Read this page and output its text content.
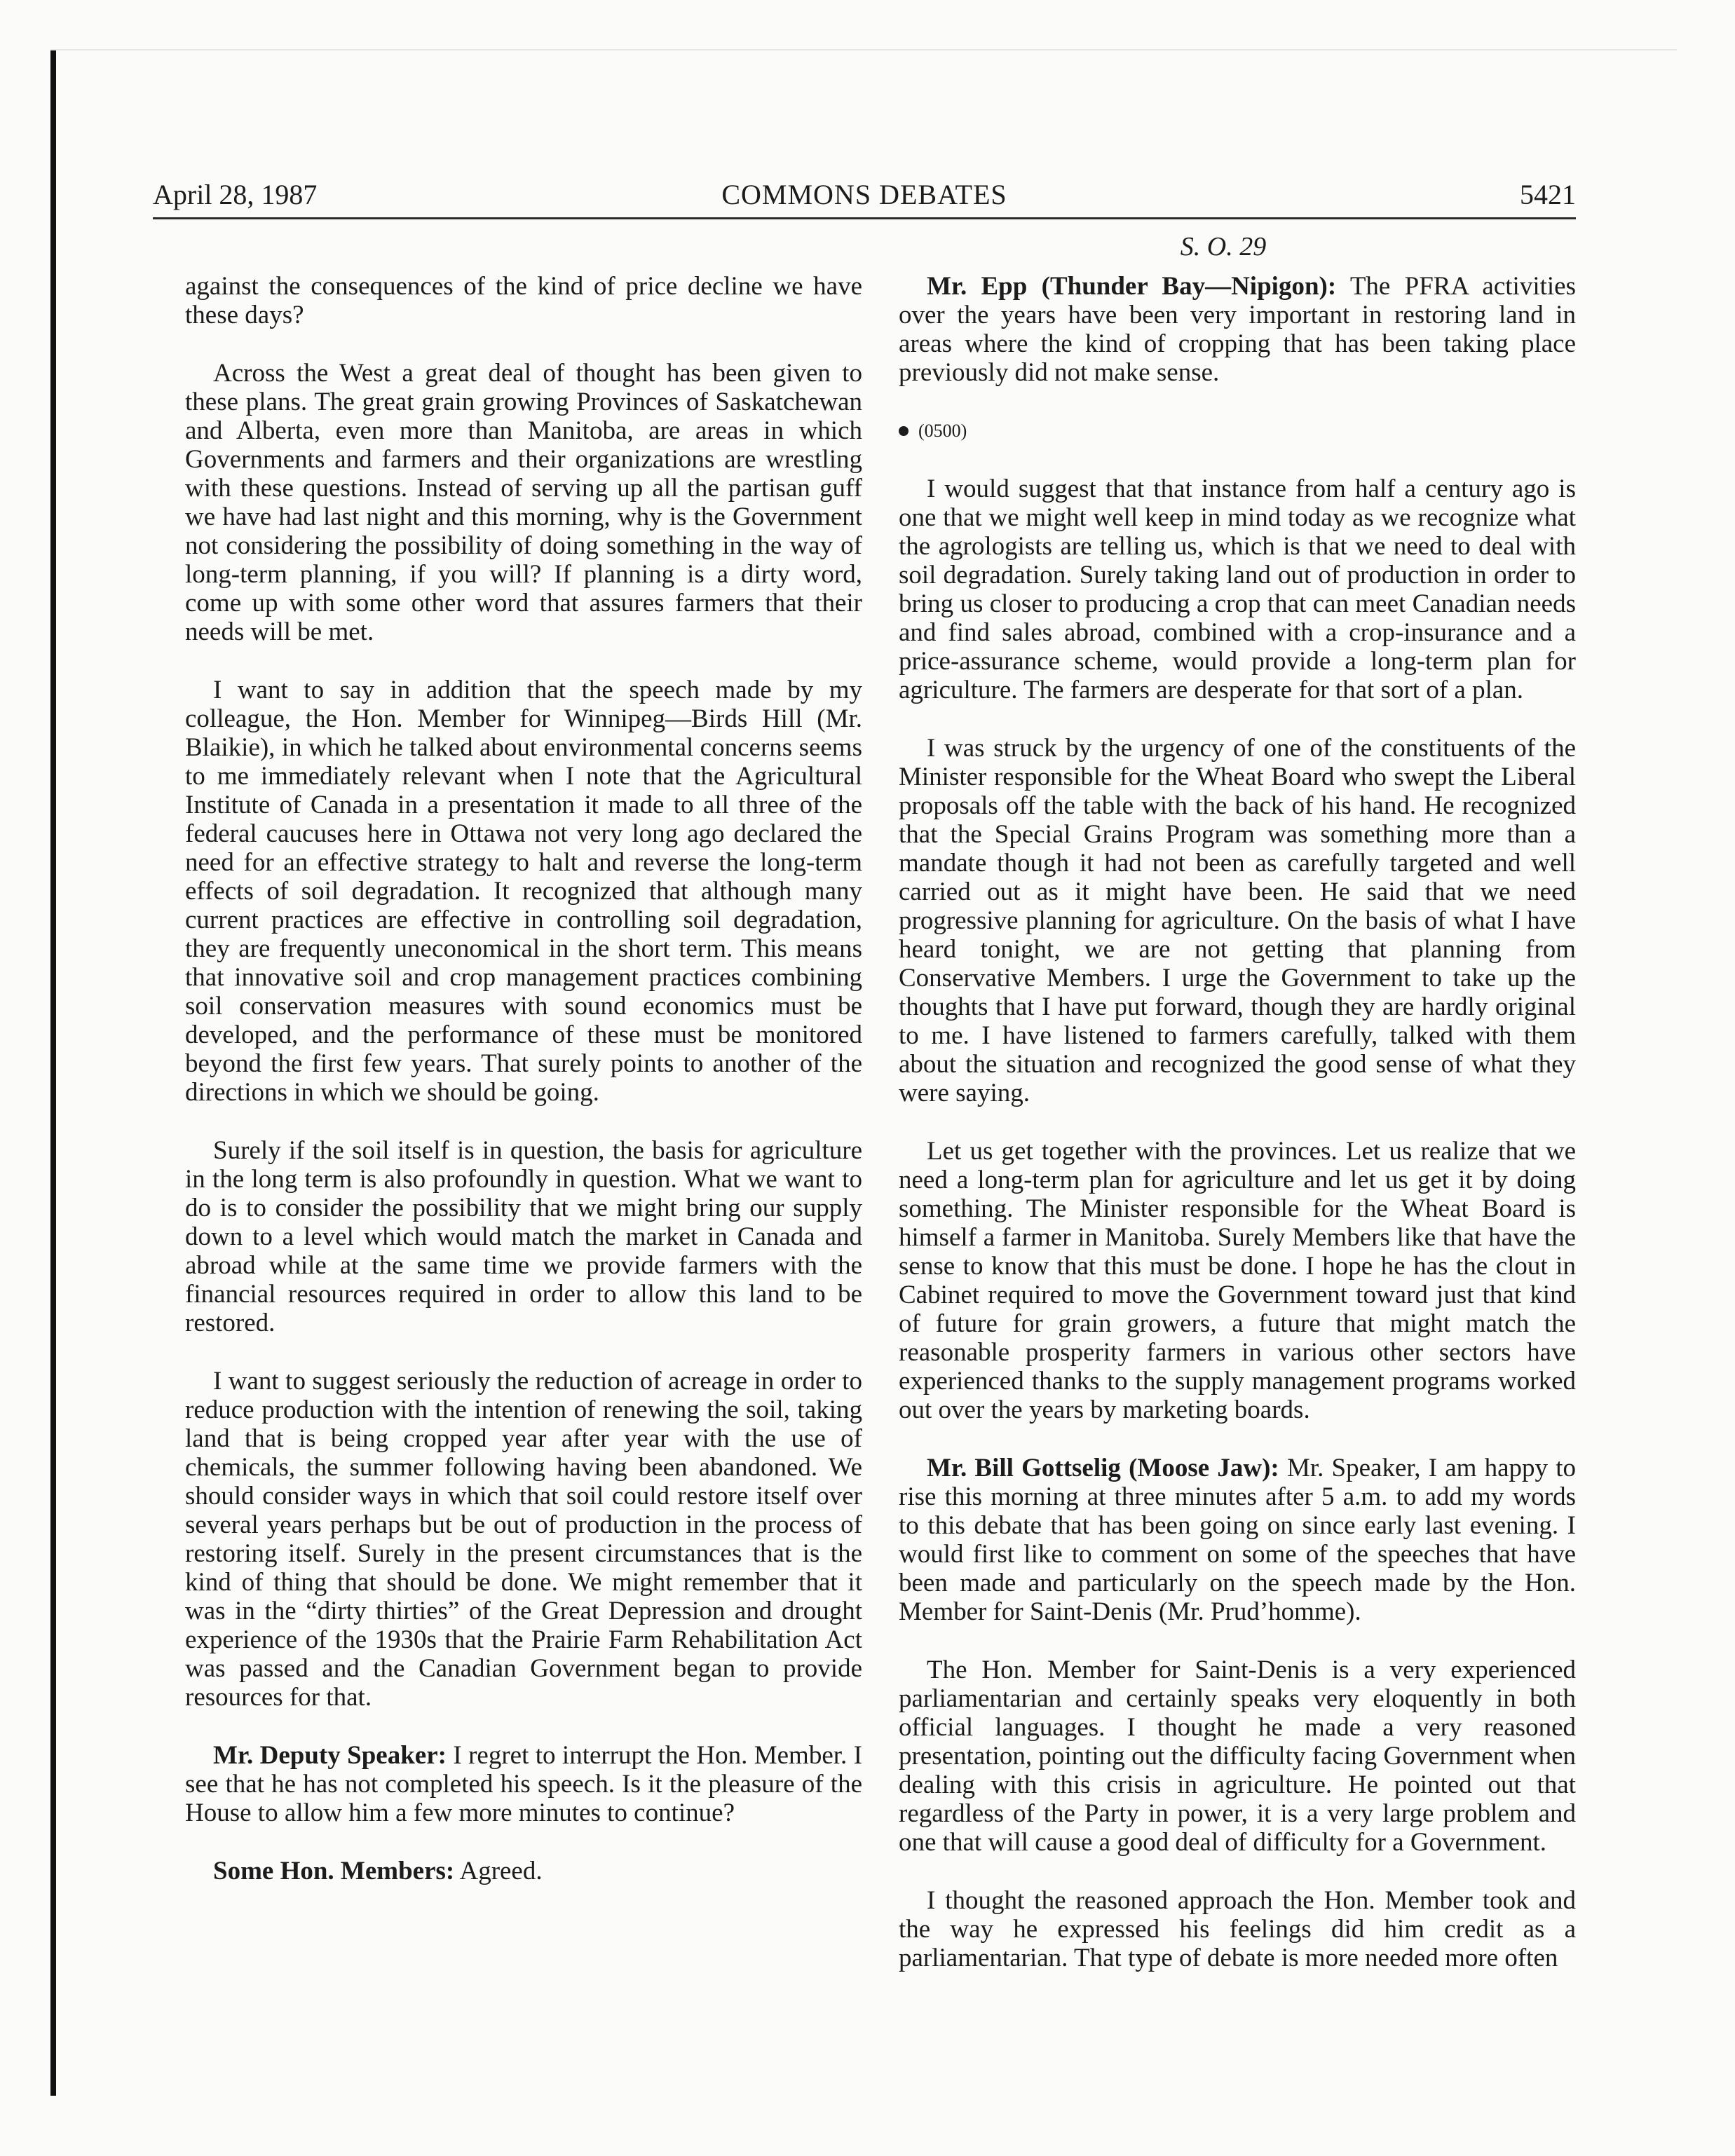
April 28, 1987	COMMONS DEBATES	5421
S. O. 29

against the consequences of the kind of price decline we have these days?

Across the West a great deal of thought has been given to these plans. The great grain growing Provinces of Saskatchewan and Alberta, even more than Manitoba, are areas in which Governments and farmers and their organizations are wrestling with these questions. Instead of serving up all the partisan guff we have had last night and this morning, why is the Government not considering the possibility of doing something in the way of long-term planning, if you will? If planning is a dirty word, come up with some other word that assures farmers that their needs will be met.

I want to say in addition that the speech made by my colleague, the Hon. Member for Winnipeg—Birds Hill (Mr. Blaikie), in which he talked about environmental concerns seems to me immediately relevant when I note that the Agricultural Institute of Canada in a presentation it made to all three of the federal caucuses here in Ottawa not very long ago declared the need for an effective strategy to halt and reverse the long-term effects of soil degradation. It recognized that although many current practices are effective in controlling soil degradation, they are frequently uneconomical in the short term. This means that innovative soil and crop management practices combining soil conservation measures with sound economics must be developed, and the performance of these must be monitored beyond the first few years. That surely points to another of the directions in which we should be going.

Surely if the soil itself is in question, the basis for agriculture in the long term is also profoundly in question. What we want to do is to consider the possibility that we might bring our supply down to a level which would match the market in Canada and abroad while at the same time we provide farmers with the financial resources required in order to allow this land to be restored.

I want to suggest seriously the reduction of acreage in order to reduce production with the intention of renewing the soil, taking land that is being cropped year after year with the use of chemicals, the summer following having been abandoned. We should consider ways in which that soil could restore itself over several years perhaps but be out of production in the process of restoring itself. Surely in the present circumstances that is the kind of thing that should be done. We might remember that it was in the “dirty thirties” of the Great Depression and drought experience of the 1930s that the Prairie Farm Rehabilitation Act was passed and the Canadian Government began to provide resources for that.

Mr. Deputy Speaker: I regret to interrupt the Hon. Member. I see that he has not completed his speech. Is it the pleasure of the House to allow him a few more minutes to continue?

Some Hon. Members: Agreed.

Mr. Epp (Thunder Bay—Nipigon): The PFRA activities over the years have been very important in restoring land in areas where the kind of cropping that has been taking place previously did not make sense.

(0500)

I would suggest that that instance from half a century ago is one that we might well keep in mind today as we recognize what the agrologists are telling us, which is that we need to deal with soil degradation. Surely taking land out of production in order to bring us closer to producing a crop that can meet Canadian needs and find sales abroad, combined with a crop-insurance and a price-assurance scheme, would provide a long-term plan for agriculture. The farmers are desperate for that sort of a plan.

I was struck by the urgency of one of the constituents of the Minister responsible for the Wheat Board who swept the Liberal proposals off the table with the back of his hand. He recognized that the Special Grains Program was something more than a mandate though it had not been as carefully targeted and well carried out as it might have been. He said that we need progressive planning for agriculture. On the basis of what I have heard tonight, we are not getting that planning from Conservative Members. I urge the Government to take up the thoughts that I have put forward, though they are hardly original to me. I have listened to farmers carefully, talked with them about the situation and recognized the good sense of what they were saying.

Let us get together with the provinces. Let us realize that we need a long-term plan for agriculture and let us get it by doing something. The Minister responsible for the Wheat Board is himself a farmer in Manitoba. Surely Members like that have the sense to know that this must be done. I hope he has the clout in Cabinet required to move the Government toward just that kind of future for grain growers, a future that might match the reasonable prosperity farmers in various other sectors have experienced thanks to the supply management programs worked out over the years by marketing boards.

Mr. Bill Gottselig (Moose Jaw): Mr. Speaker, I am happy to rise this morning at three minutes after 5 a.m. to add my words to this debate that has been going on since early last evening. I would first like to comment on some of the speeches that have been made and particularly on the speech made by the Hon. Member for Saint-Denis (Mr. Prud’homme).

The Hon. Member for Saint-Denis is a very experienced parliamentarian and certainly speaks very eloquently in both official languages. I thought he made a very reasoned presentation, pointing out the difficulty facing Government when dealing with this crisis in agriculture. He pointed out that regardless of the Party in power, it is a very large problem and one that will cause a good deal of difficulty for a Government.

I thought the reasoned approach the Hon. Member took and the way he expressed his feelings did him credit as a parliamentarian. That type of debate is more needed more often
